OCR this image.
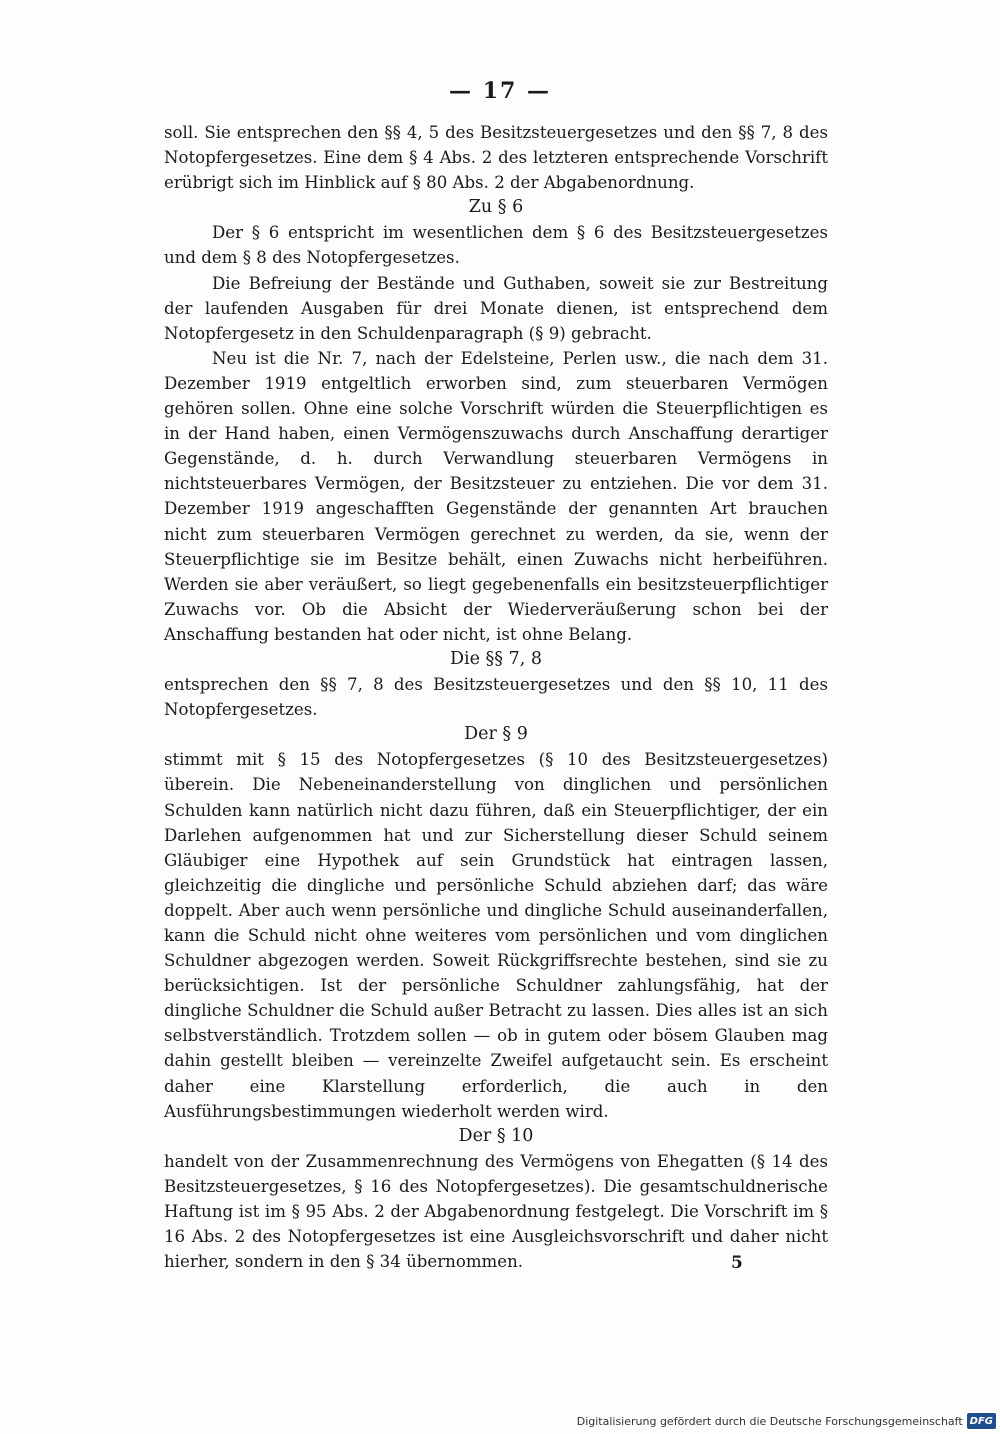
— 17 —

soll. Sie entsprechen den §§ 4, 5 des Besitzsteuergesetzes und den §§ 7, 8 des Notopfergesetzes. Eine dem § 4 Abs. 2 des letzteren entsprechende Vorschrift erübrigt sich im Hinblick auf § 80 Abs. 2 der Abgabenordnung.

Zu § 6

Der § 6 entspricht im wesentlichen dem § 6 des Besitzsteuergesetzes und dem § 8 des Notopfergesetzes.

Die Befreiung der Bestände und Guthaben, soweit sie zur Bestreitung der laufenden Ausgaben für drei Monate dienen, ist entsprechend dem Notopfergesetz in den Schuldenparagraph (§ 9) gebracht.

Neu ist die Nr. 7, nach der Edelsteine, Perlen usw., die nach dem 31. Dezember 1919 entgeltlich erworben sind, zum steuerbaren Vermögen gehören sollen. Ohne eine solche Vorschrift würden die Steuerpflichtigen es in der Hand haben, einen Vermögenszuwachs durch Anschaffung derartiger Gegenstände, d. h. durch Verwandlung steuerbaren Vermögens in nichtsteuerbares Vermögen, der Besitzsteuer zu entziehen. Die vor dem 31. Dezember 1919 angeschafften Gegenstände der genannten Art brauchen nicht zum steuerbaren Vermögen gerechnet zu werden, da sie, wenn der Steuerpflichtige sie im Besitze behält, einen Zuwachs nicht herbeiführen. Werden sie aber veräußert, so liegt gegebenenfalls ein besitzsteuerpflichtiger Zuwachs vor. Ob die Absicht der Wiederveräußerung schon bei der Anschaffung bestanden hat oder nicht, ist ohne Belang.

Die §§ 7, 8

entsprechen den §§ 7, 8 des Besitzsteuergesetzes und den §§ 10, 11 des Notopfergesetzes.

Der § 9

stimmt mit § 15 des Notopfergesetzes (§ 10 des Besitzsteuergesetzes) überein. Die Nebeneinanderstellung von dinglichen und persönlichen Schulden kann natürlich nicht dazu führen, daß ein Steuerpflichtiger, der ein Darlehen aufgenommen hat und zur Sicherstellung dieser Schuld seinem Gläubiger eine Hypothek auf sein Grundstück hat eintragen lassen, gleichzeitig die dingliche und persönliche Schuld abziehen darf; das wäre doppelt. Aber auch wenn persönliche und dingliche Schuld auseinanderfallen, kann die Schuld nicht ohne weiteres vom persönlichen und vom dinglichen Schuldner abgezogen werden. Soweit Rückgriffsrechte bestehen, sind sie zu berücksichtigen. Ist der persönliche Schuldner zahlungsfähig, hat der dingliche Schuldner die Schuld außer Betracht zu lassen. Dies alles ist an sich selbstverständlich. Trotzdem sollen — ob in gutem oder bösem Glauben mag dahin gestellt bleiben — vereinzelte Zweifel aufgetaucht sein. Es erscheint daher eine Klarstellung erforderlich, die auch in den Ausführungsbestimmungen wiederholt werden wird.

Der § 10

handelt von der Zusammenrechnung des Vermögens von Ehegatten (§ 14 des Besitzsteuergesetzes, § 16 des Notopfergesetzes). Die gesamtschuldnerische Haftung ist im § 95 Abs. 2 der Abgabenordnung festgelegt. Die Vorschrift im § 16 Abs. 2 des Notopfergesetzes ist eine Ausgleichsvorschrift und daher nicht hierher, sondern in den § 34 übernommen.	5
Digitalisierung gefördert durch die Deutsche Forschungsgemeinschaft DFG
